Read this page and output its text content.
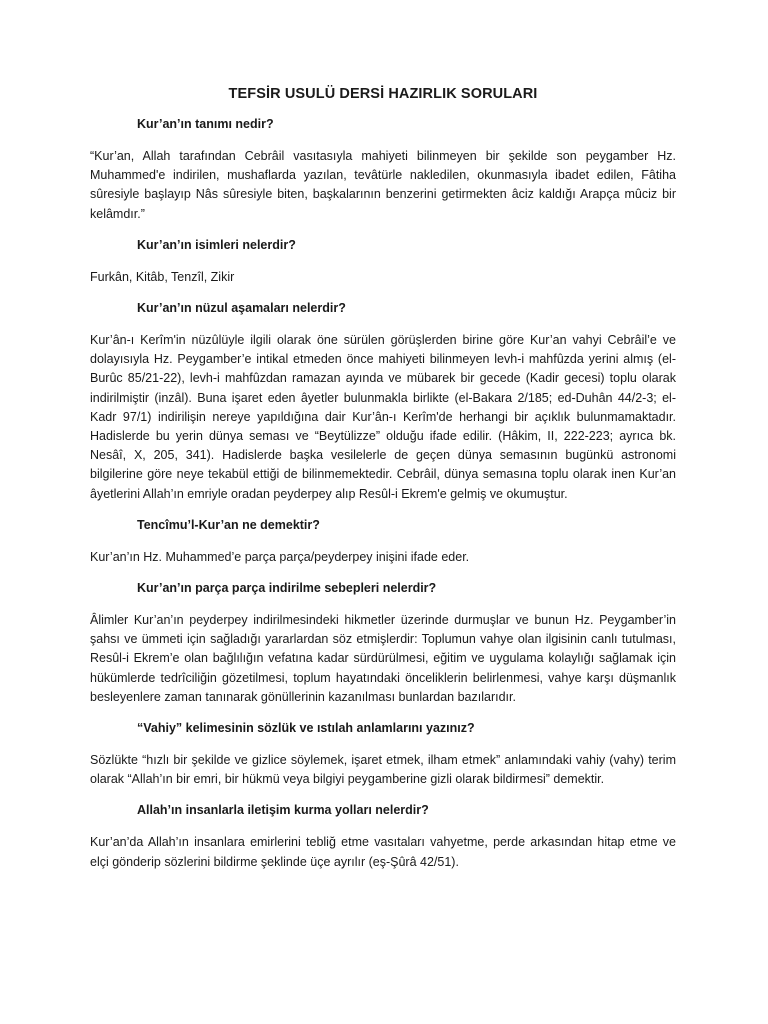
TEFSİR USULÜ DERSİ HAZIRLIK SORULARI

Kur’an’ın tanımı nedir?

“Kur’an, Allah tarafından Cebrâil vasıtasıyla mahiyeti bilinmeyen bir şekilde son peygamber Hz. Muhammed'e indirilen, mushaflarda yazılan, tevâtürle nakledilen, okunmasıyla ibadet edilen, Fâtiha sûresiyle başlayıp Nâs sûresiyle biten, başkalarının benzerini getirmekten âciz kaldığı Arapça mûciz bir kelâmdır.”

Kur’an’ın isimleri nelerdir?

Furkân, Kitâb, Tenzîl, Zikir

Kur’an’ın nüzul aşamaları nelerdir?

Kur’ân-ı Kerîm'in nüzûlüyle ilgili olarak öne sürülen görüşlerden birine göre Kur’an vahyi Cebrâil’e ve dolayısıyla Hz. Peygamber’e intikal etmeden önce mahiyeti bilinmeyen levh-i mahfûzda yerini almış (el-Burûc 85/21-22), levh-i mahfûzdan ramazan ayında ve mübarek bir gecede (Kadir gecesi) toplu olarak indirilmiştir (inzâl). Buna işaret eden âyetler bulunmakla birlikte (el-Bakara 2/185; ed-Duhân 44/2-3; el-Kadr 97/1) indirilişin nereye yapıldığına dair Kur’ân-ı Kerîm'de herhangi bir açıklık bulunmamaktadır. Hadislerde bu yerin dünya seması ve “Beytülizze” olduğu ifade edilir. (Hâkim, II, 222-223; ayrıca bk. Nesâî, X, 205, 341). Hadislerde başka vesilelerle de geçen dünya semasının bugünkü astronomi bilgilerine göre neye tekabül ettiği de bilinmemektedir. Cebrâil, dünya semasına toplu olarak inen Kur’an âyetlerini Allah’ın emriyle oradan peyderpey alıp Resûl-i Ekrem'e gelmiş ve okumuştur.

Tencîmu’l-Kur’an ne demektir?

Kur’an’ın Hz. Muhammed’e parça parça/peyderpey inişini ifade eder.

Kur’an’ın parça parça indirilme sebepleri nelerdir?

Âlimler Kur’an’ın peyderpey indirilmesindeki hikmetler üzerinde durmuşlar ve bunun Hz. Peygamber’in şahsı ve ümmeti için sağladığı yararlardan söz etmişlerdir: Toplumun vahye olan ilgisinin canlı tutulması, Resûl-i Ekrem’e olan bağlılığın vefatına kadar sürdürülmesi, eğitim ve uygulama kolaylığı sağlamak için hükümlerde tedrîciliğin gözetilmesi, toplum hayatındaki önceliklerin belirlenmesi, vahye karşı düşmanlık besleyenlere zaman tanınarak gönüllerinin kazanılması bunlardan bazılarıdır.

“Vahiy” kelimesinin sözlük ve ıstılah anlamlarını yazınız?

Sözlükte “hızlı bir şekilde ve gizlice söylemek, işaret etmek, ilham etmek” anlamındaki vahiy (vahy) terim olarak “Allah’ın bir emri, bir hükmü veya bilgiyi peygamberine gizli olarak bildirmesi” demektir.

Allah’ın insanlarla iletişim kurma yolları nelerdir?

Kur’an’da Allah’ın insanlara emirlerini tebliğ etme vasıtaları vahyetme, perde arkasından hitap etme ve elçi gönderip sözlerini bildirme şeklinde üçe ayrılır (eş-Şûrâ 42/51).
